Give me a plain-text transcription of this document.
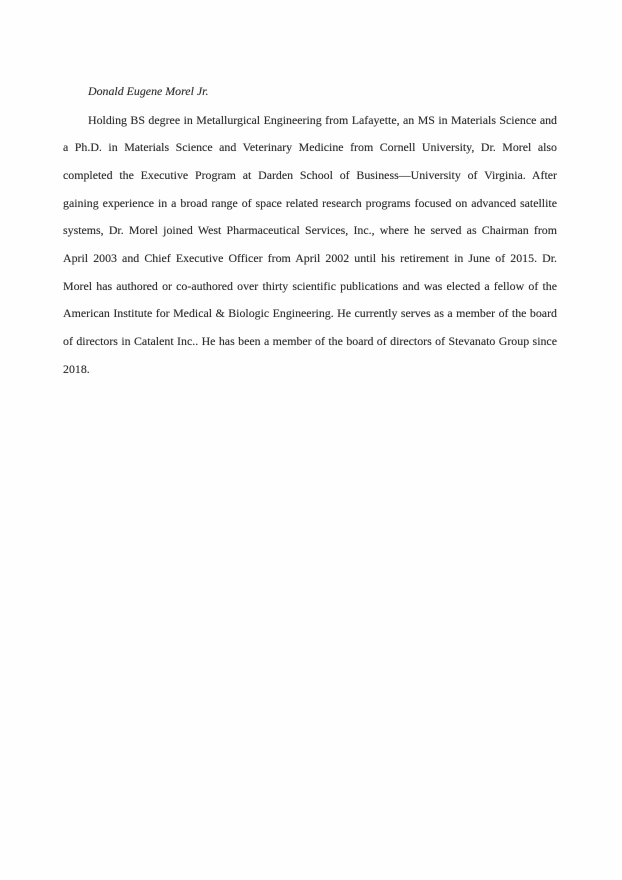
Donald Eugene Morel Jr.

Holding BS degree in Metallurgical Engineering from Lafayette, an MS in Materials Science and

a Ph.D. in Materials Science and Veterinary Medicine from Cornell University, Dr. Morel also

completed the Executive Program at Darden School of Business—University of Virginia. After

gaining experience in a broad range of space related research programs focused on advanced satellite

systems, Dr. Morel joined West Pharmaceutical Services, Inc., where he served as Chairman from

April 2003 and Chief Executive Officer from April 2002 until his retirement in June of 2015. Dr.

Morel has authored or co-authored over thirty scientific publications and was elected a fellow of the

American Institute for Medical & Biologic Engineering. He currently serves as a member of the board

of directors in Catalent Inc.. He has been a member of the board of directors of Stevanato Group since

2018.
